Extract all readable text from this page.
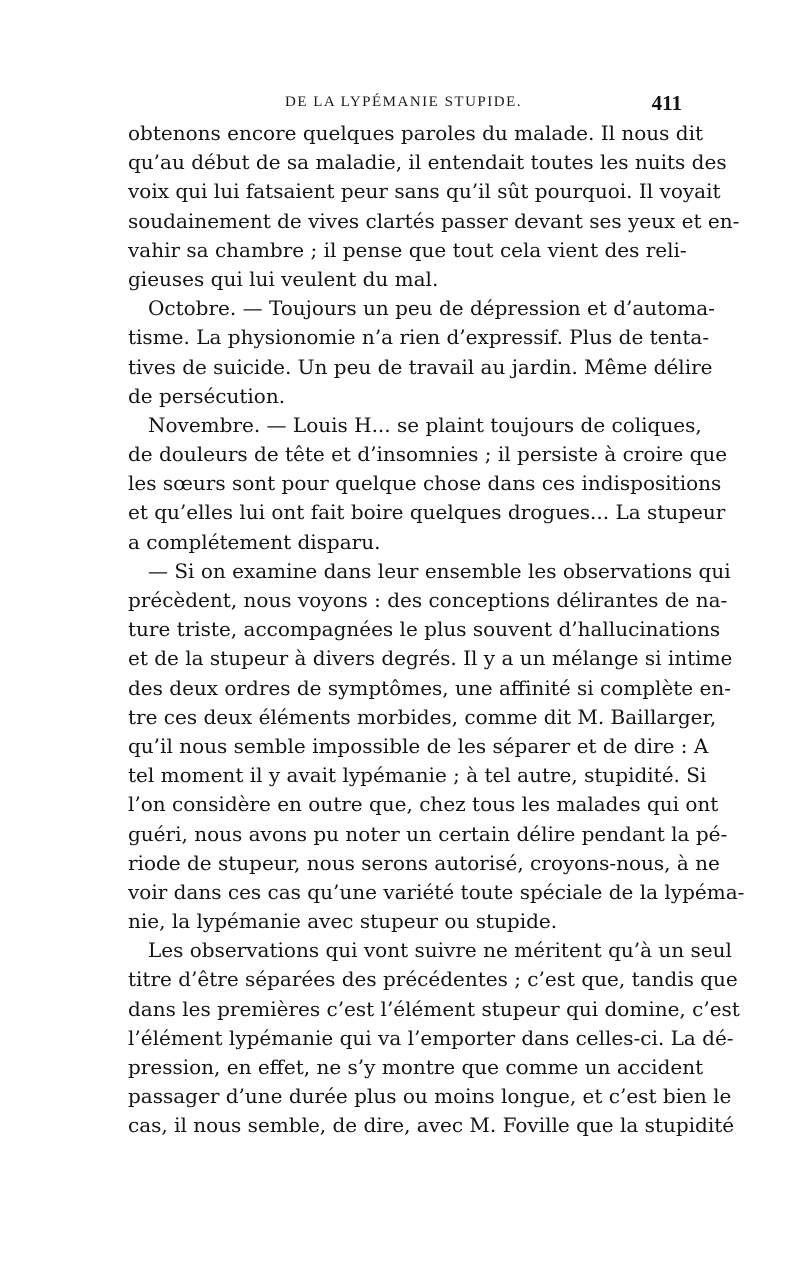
DE LA LYPÉMANIE STUPIDE.	411
obtenons encore quelques paroles du malade. Il nous dit
qu’au début de sa maladie, il entendait toutes les nuits des
voix qui lui fatsaient peur sans qu’il sût pourquoi. Il voyait
soudainement de vives clartés passer devant ses yeux et en-
vahir sa chambre ; il pense que tout cela vient des reli-
gieuses qui lui veulent du mal.
Octobre. — Toujours un peu de dépression et d’automa-
tisme. La physionomie n’a rien d’expressif. Plus de tenta-
tives de suicide. Un peu de travail au jardin. Même délire
de persécution.
Novembre. — Louis H... se plaint toujours de coliques,
de douleurs de tête et d’insomnies ; il persiste à croire que
les sœurs sont pour quelque chose dans ces indispositions
et qu’elles lui ont fait boire quelques drogues... La stupeur
a complétement disparu.
— Si on examine dans leur ensemble les observations qui
précèdent, nous voyons : des conceptions délirantes de na-
ture triste, accompagnées le plus souvent d’hallucinations
et de la stupeur à divers degrés. Il y a un mélange si intime
des deux ordres de symptômes, une affinité si complète en-
tre ces deux éléments morbides, comme dit M. Baillarger,
qu’il nous semble impossible de les séparer et de dire : A
tel moment il y avait lypémanie ; à tel autre, stupidité. Si
l’on considère en outre que, chez tous les malades qui ont
guéri, nous avons pu noter un certain délire pendant la pé-
riode de stupeur, nous serons autorisé, croyons-nous, à ne
voir dans ces cas qu’une variété toute spéciale de la lypéma-
nie, la lypémanie avec stupeur ou stupide.
Les observations qui vont suivre ne méritent qu’à un seul
titre d’être séparées des précédentes ; c’est que, tandis que
dans les premières c’est l’élément stupeur qui domine, c’est
l’élément lypémanie qui va l’emporter dans celles-ci. La dé-
pression, en effet, ne s’y montre que comme un accident
passager d’une durée plus ou moins longue, et c’est bien le
cas, il nous semble, de dire, avec M. Foville que la stupidité
